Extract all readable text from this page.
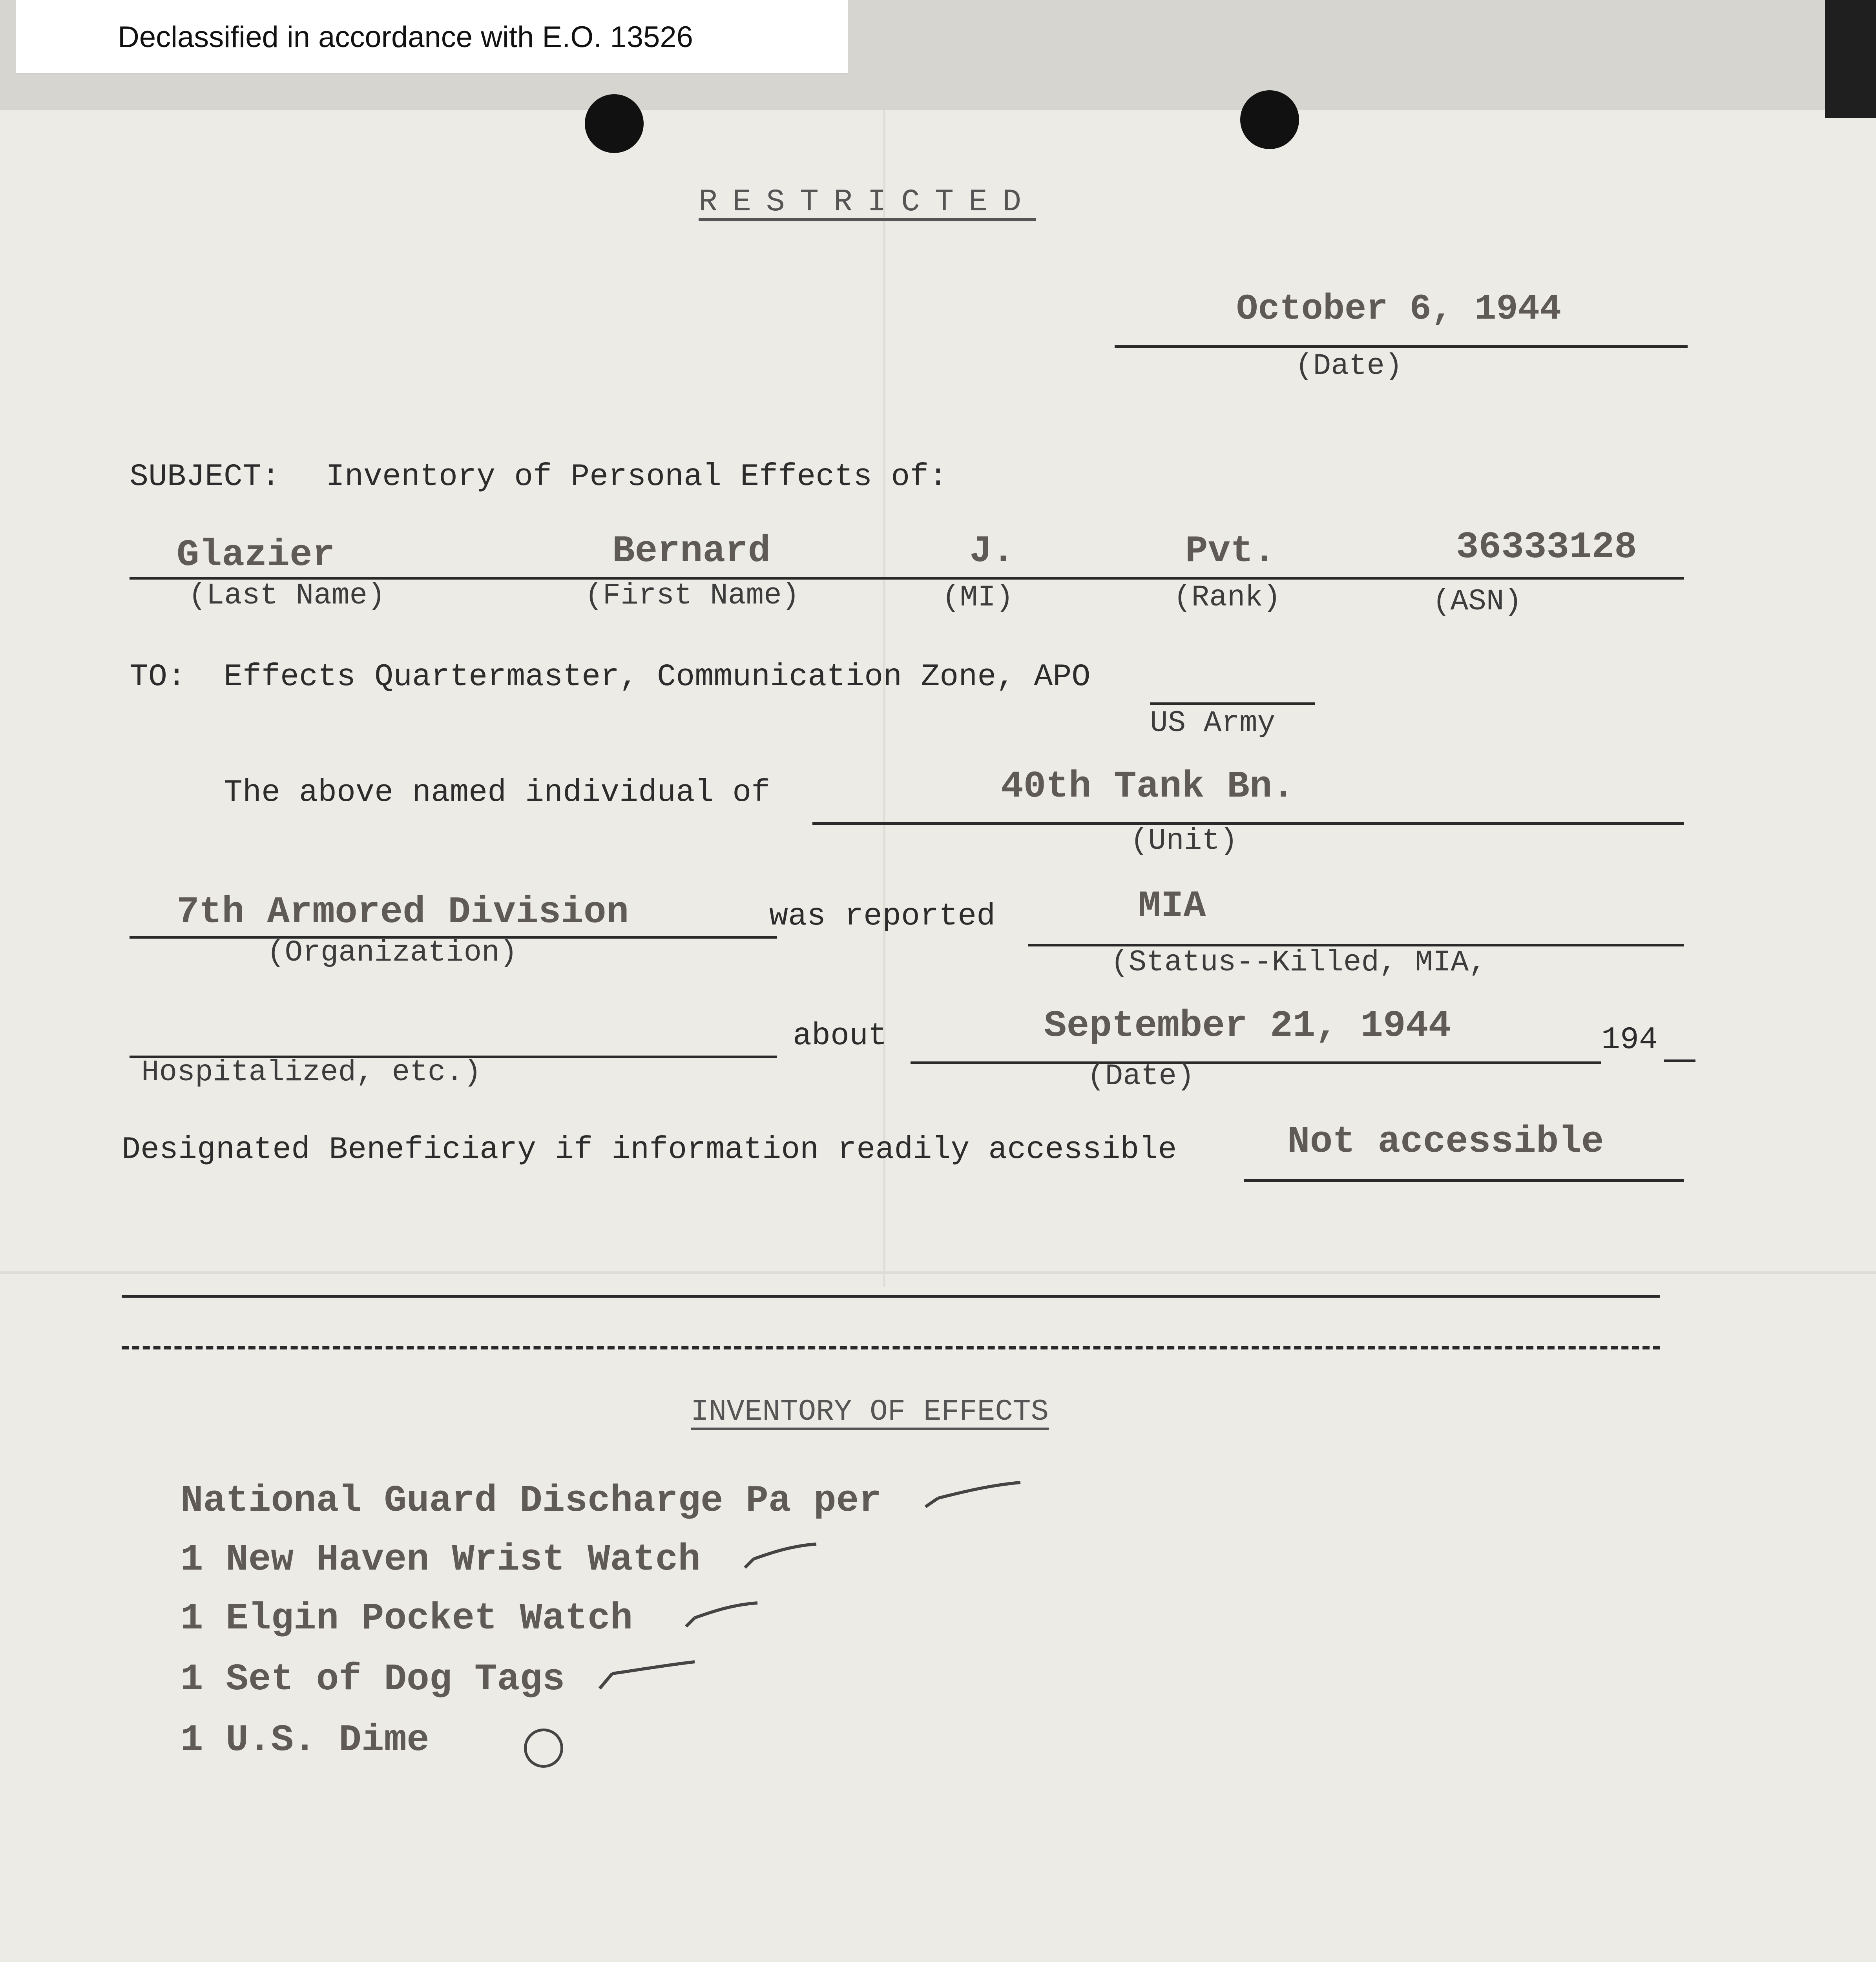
Declassified in accordance with E.O. 13526
RESTRICTED
October 6, 1944
(Date)
SUBJECT: Inventory of Personal Effects of:
Glazier	Bernard	J.	Pvt.	36333128
(Last Name)	(First Name)	(MI)	(Rank)	(ASN)
TO: Effects Quartermaster, Communication Zone, APO
US Army
The above named individual of	40th Tank Bn.
(Unit)
7th Armored Division
(Organization)
was reported	MIA
(Status--Killed, MIA,
Hospitalized, etc.)
about	September 21, 1944	194
(Date)
Designated Beneficiary if information readily accessible	Not accessible
INVENTORY OF EFFECTS
National Guard Discharge Pa per
1 New Haven Wrist Watch
1 Elgin Pocket Watch
1 Set of Dog Tags
1 U.S. Dime
